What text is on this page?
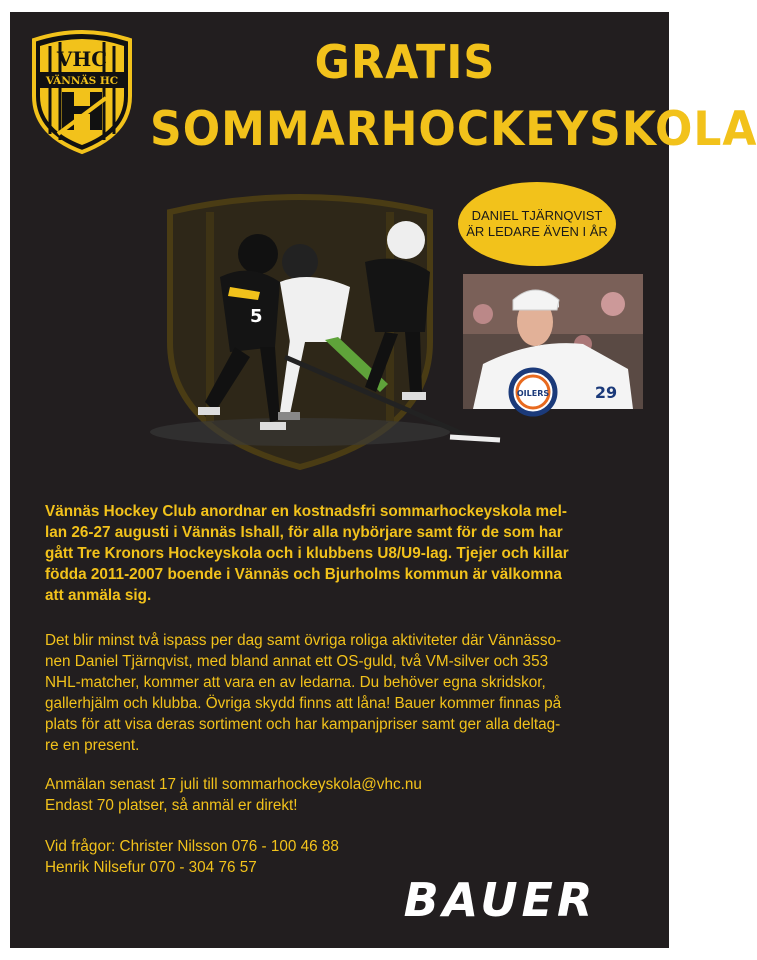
VHC
VÄNNÄS HC	GRATIS
SOMMARHOCKEYSKOLA
5
DANIEL TJÄRNQVIST
ÄR LEDARE ÄVEN I ÅR
OILERS	29
Vännäs Hockey Club anordnar en kostnadsfri sommarhockeyskola mel-
lan 26-27 augusti i Vännäs Ishall, för alla nybörjare samt för de som har
gått Tre Kronors Hockeyskola och i klubbens U8/U9-lag. Tjejer och killar
födda 2011-2007 boende i Vännäs och Bjurholms kommun är välkomna
att anmäla sig.
Det blir minst två ispass per dag samt övriga roliga aktiviteter där Vännässo-
nen Daniel Tjärnqvist, med bland annat ett OS-guld, två VM-silver och 353
NHL-matcher, kommer att vara en av ledarna. Du behöver egna skridskor,
gallerhjälm och klubba. Övriga skydd finns att låna! Bauer kommer finnas på
plats för att visa deras sortiment och har kampanjpriser samt ger alla deltag-
re en present.
Anmälan senast 17 juli till sommarhockeyskola@vhc.nu
Endast 70 platser, så anmäl er direkt!
Vid frågor: Christer Nilsson 076 - 100 46 88
Henrik Nilsefur 070 - 304 76 57
BAUER
